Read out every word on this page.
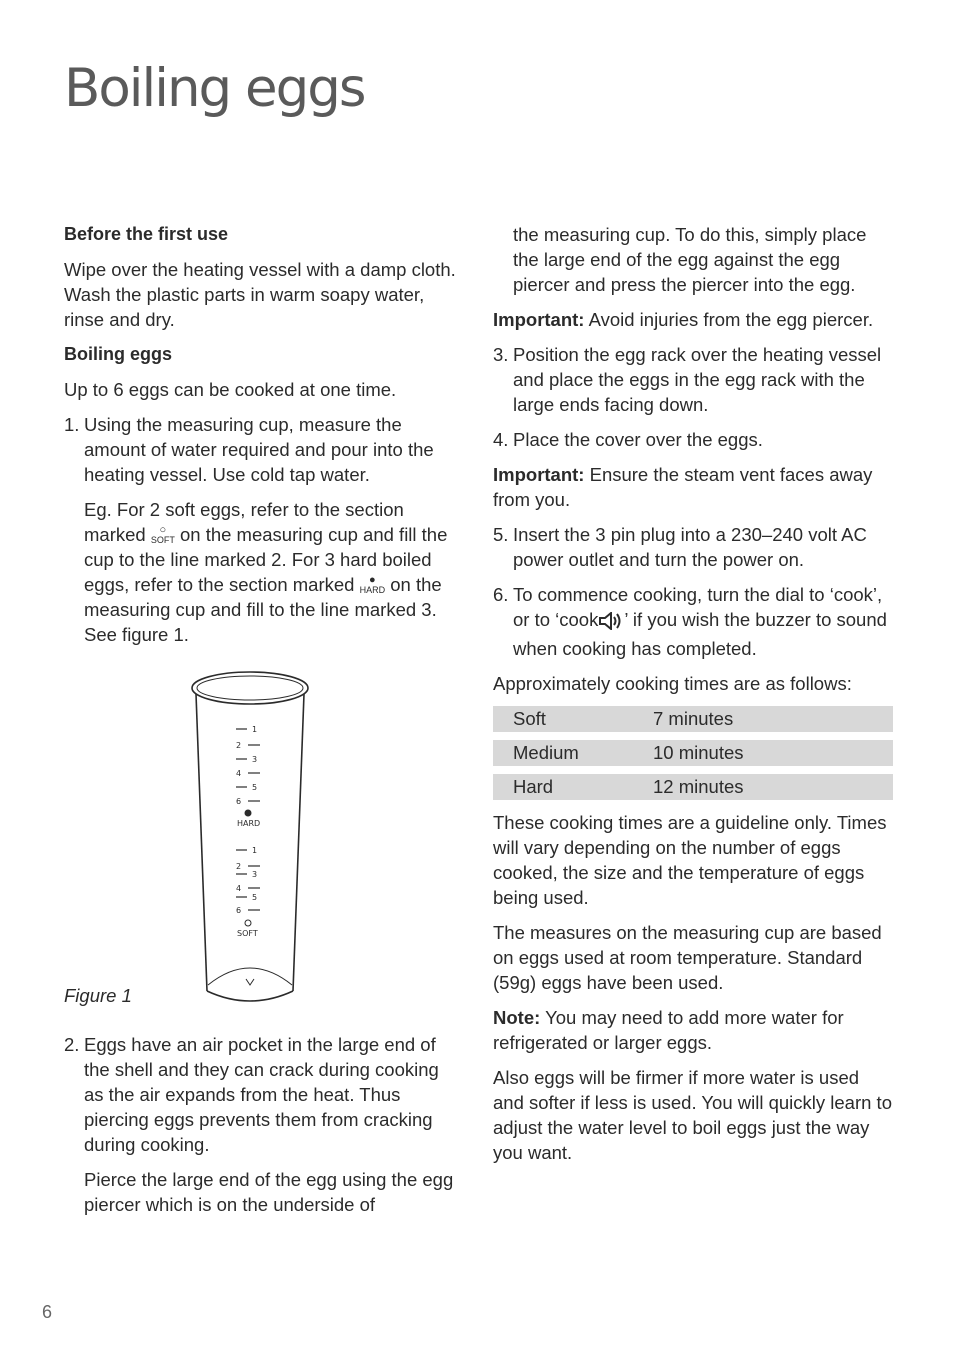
Boiling eggs
Before the first use

Wipe over the heating vessel with a damp cloth. Wash the plastic parts in warm soapy water, rinse and dry.

Boiling eggs

Up to 6 eggs can be cooked at one time.

1. Using the measuring cup, measure the amount of water required and pour into the heating vessel. Use cold tap water.

Eg. For 2 soft eggs, refer to the section marked	○
SOFT on the measuring cup and fill the cup to the line marked 2. For 3 hard boiled eggs, refer to the section marked	●
HARD on the measuring cup and fill to the line marked 3. See figure 1.

1
2
3
4
5
6
HARD
1
2
3
4
5
6
SOFT
Figure 1

2. Eggs have an air pocket in the large end of the shell and they can crack during cooking as the air expands from the heat. Thus piercing eggs prevents them from cracking during cooking.

Pierce the large end of the egg using the egg piercer which is on the underside of

the measuring cup. To do this, simply place the large end of the egg against the egg piercer and press the piercer into the egg.

Important: Avoid injuries from the egg piercer.

3. Position the egg rack over the heating vessel and place the eggs in the egg rack with the large ends facing down.

4. Place the cover over the eggs.

Important: Ensure the steam vent faces away from you.

5. Insert the 3 pin plug into a 230–240 volt AC power outlet and turn the power on.

6. To commence cooking, turn the dial to ‘cook’, or to ‘cook ’ if you wish the buzzer to sound when cooking has completed.

Approximately cooking times are as follows:

Soft	7 minutes
Medium	10 minutes
Hard	12 minutes

These cooking times are a guideline only. Times will vary depending on the number of eggs cooked, the size and the temperature of eggs being used.

The measures on the measuring cup are based on eggs used at room temperature. Standard (59g) eggs have been used.

Note: You may need to add more water for refrigerated or larger eggs.

Also eggs will be firmer if more water is used and softer if less is used. You will quickly learn to adjust the water level to boil eggs just the way you want.

6
